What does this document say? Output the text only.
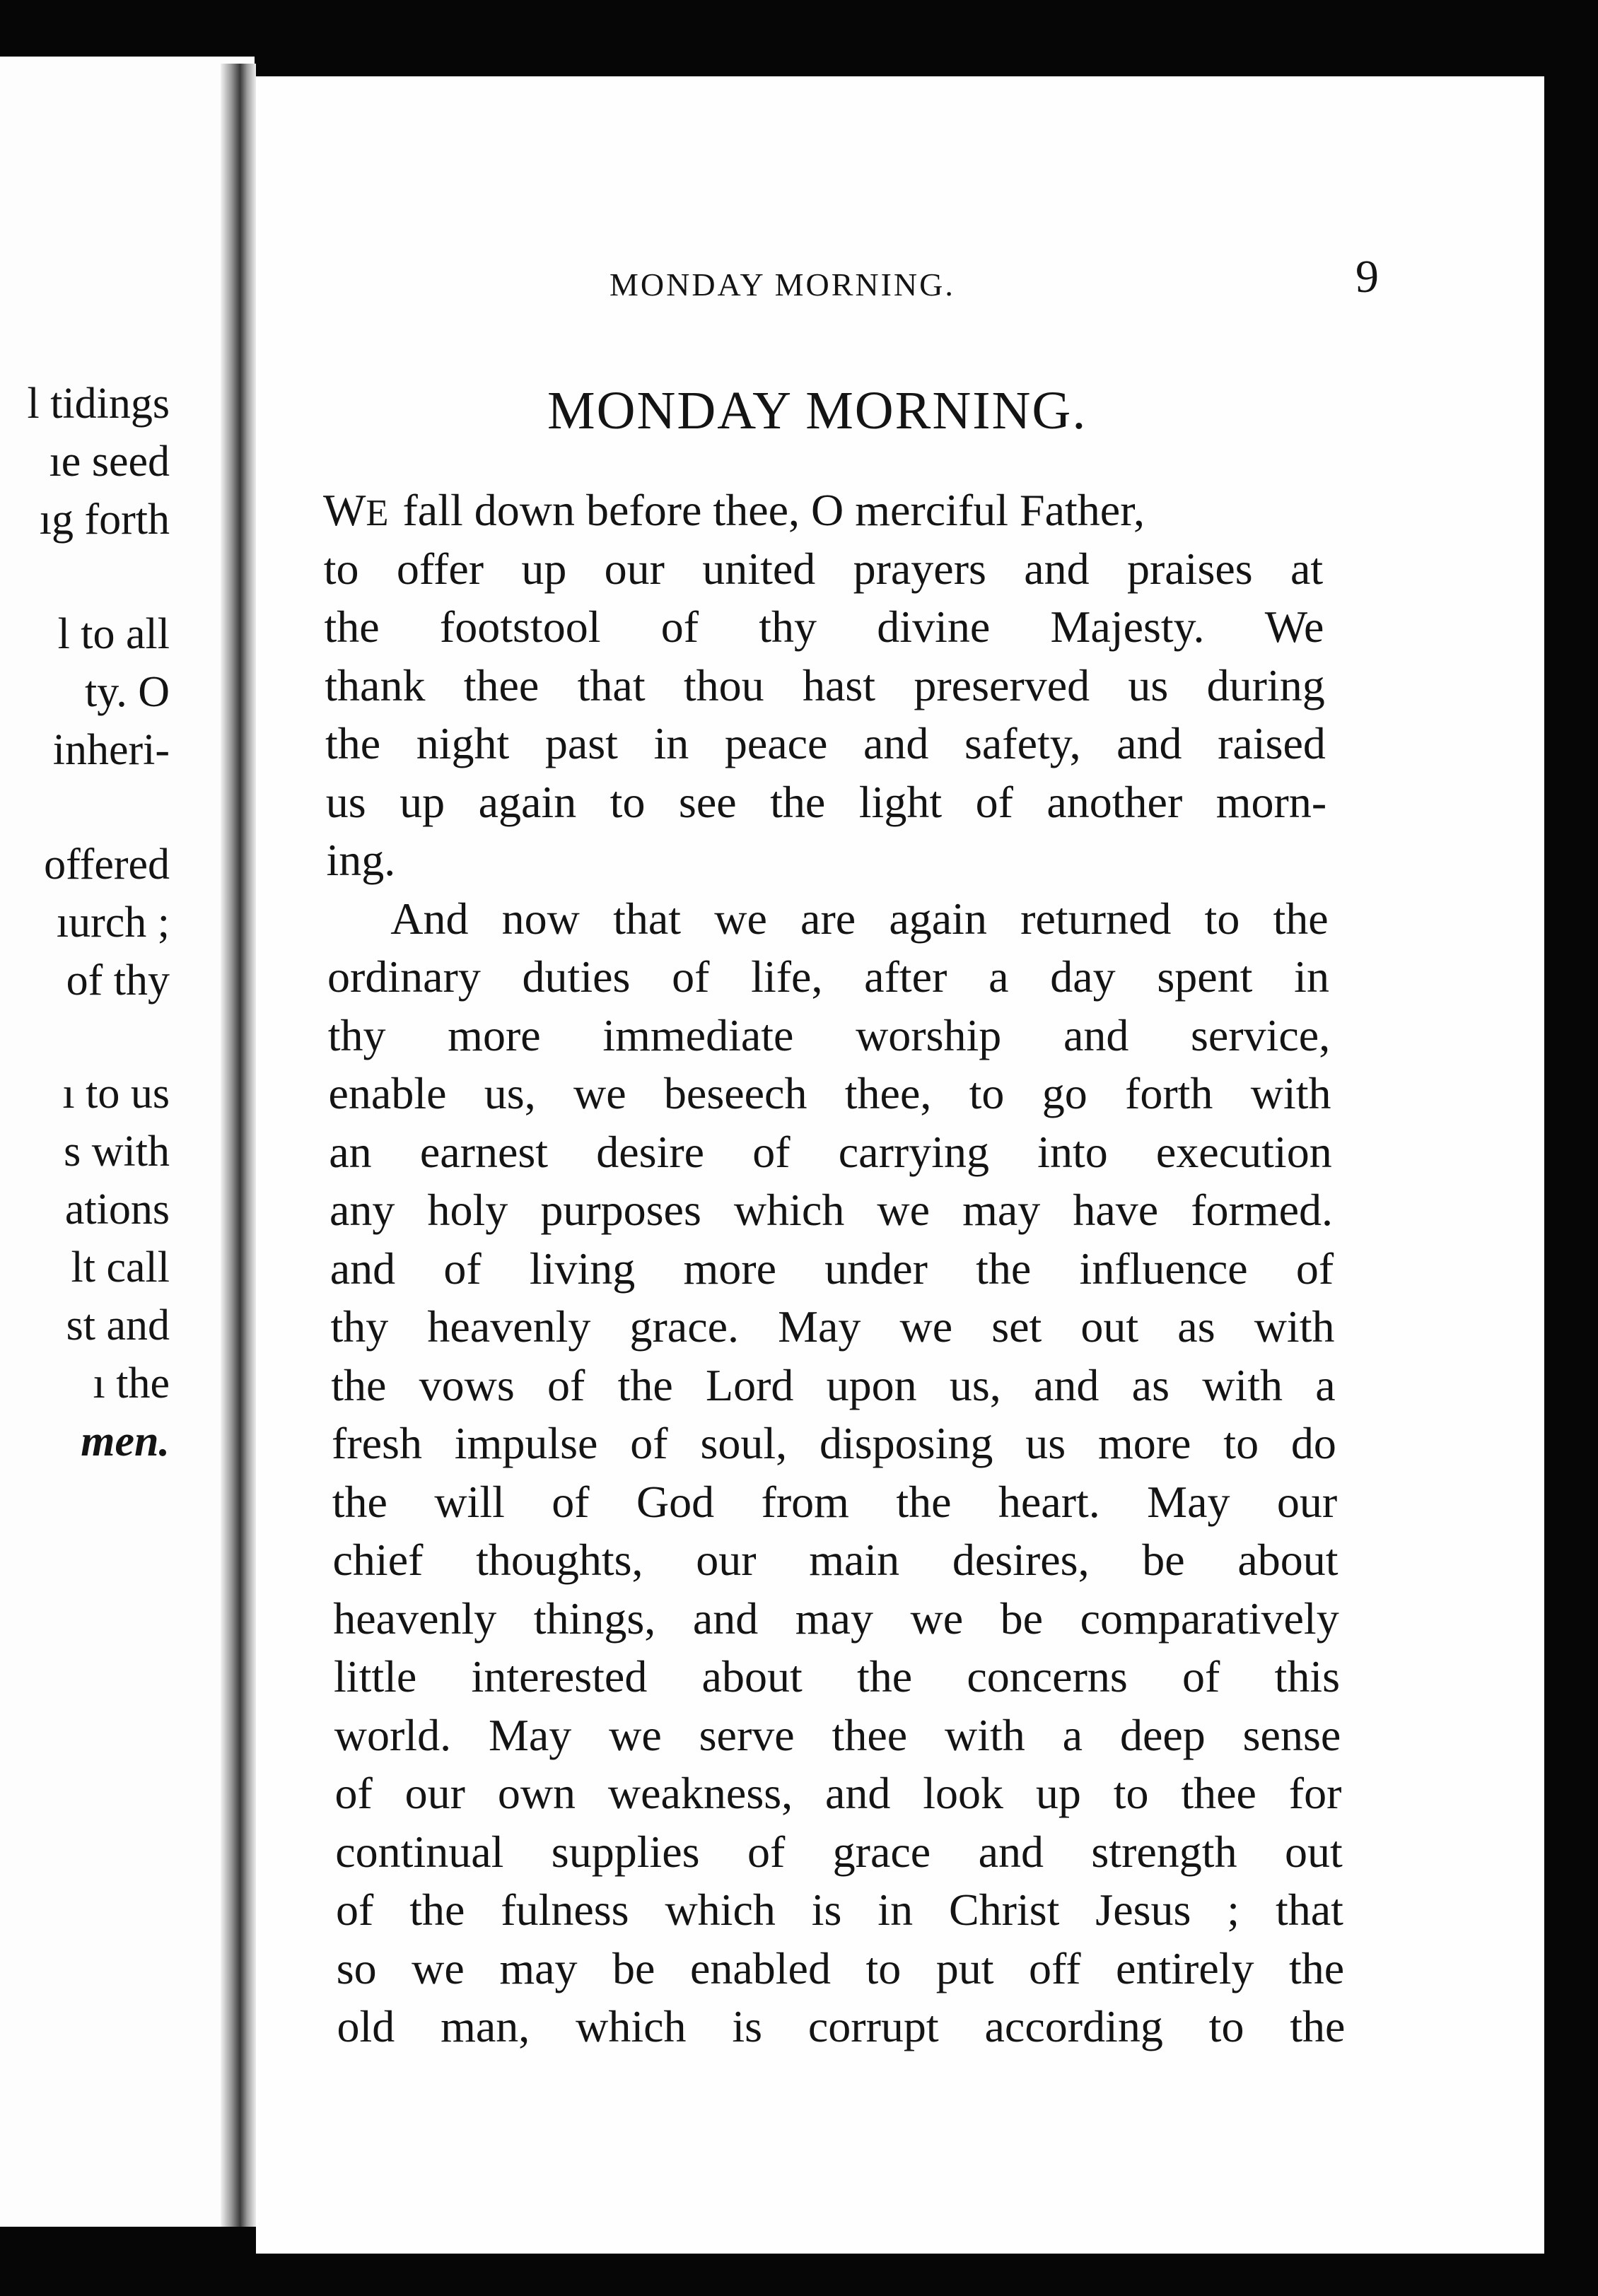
l tidings
ıe seed
ıg forth
l to all
ty. O
inheri-
offered
ıurch ;
of thy
ı to us
s with
ations
lt call
st and
ı the
men.
MONDAY MORNING.	9
MONDAY MORNING.
WE fall down before thee, O merciful Father,
to offer up our united prayers and praises at
the footstool of thy divine Majesty. We
thank thee that thou hast preserved us during
the night past in peace and safety, and raised
us up again to see the light of another morn-
ing.
And now that we are again returned to the
ordinary duties of life, after a day spent in
thy more immediate worship and service,
enable us, we beseech thee, to go forth with
an earnest desire of carrying into execution
any holy purposes which we may have formed.
and of living more under the influence of
thy heavenly grace. May we set out as with
the vows of the Lord upon us, and as with a
fresh impulse of soul, disposing us more to do
the will of God from the heart. May our
chief thoughts, our main desires, be about
heavenly things, and may we be comparatively
little interested about the concerns of this
world. May we serve thee with a deep sense
of our own weakness, and look up to thee for
continual supplies of grace and strength out
of the fulness which is in Christ Jesus ; that
so we may be enabled to put off entirely the
old man, which is corrupt according to the
